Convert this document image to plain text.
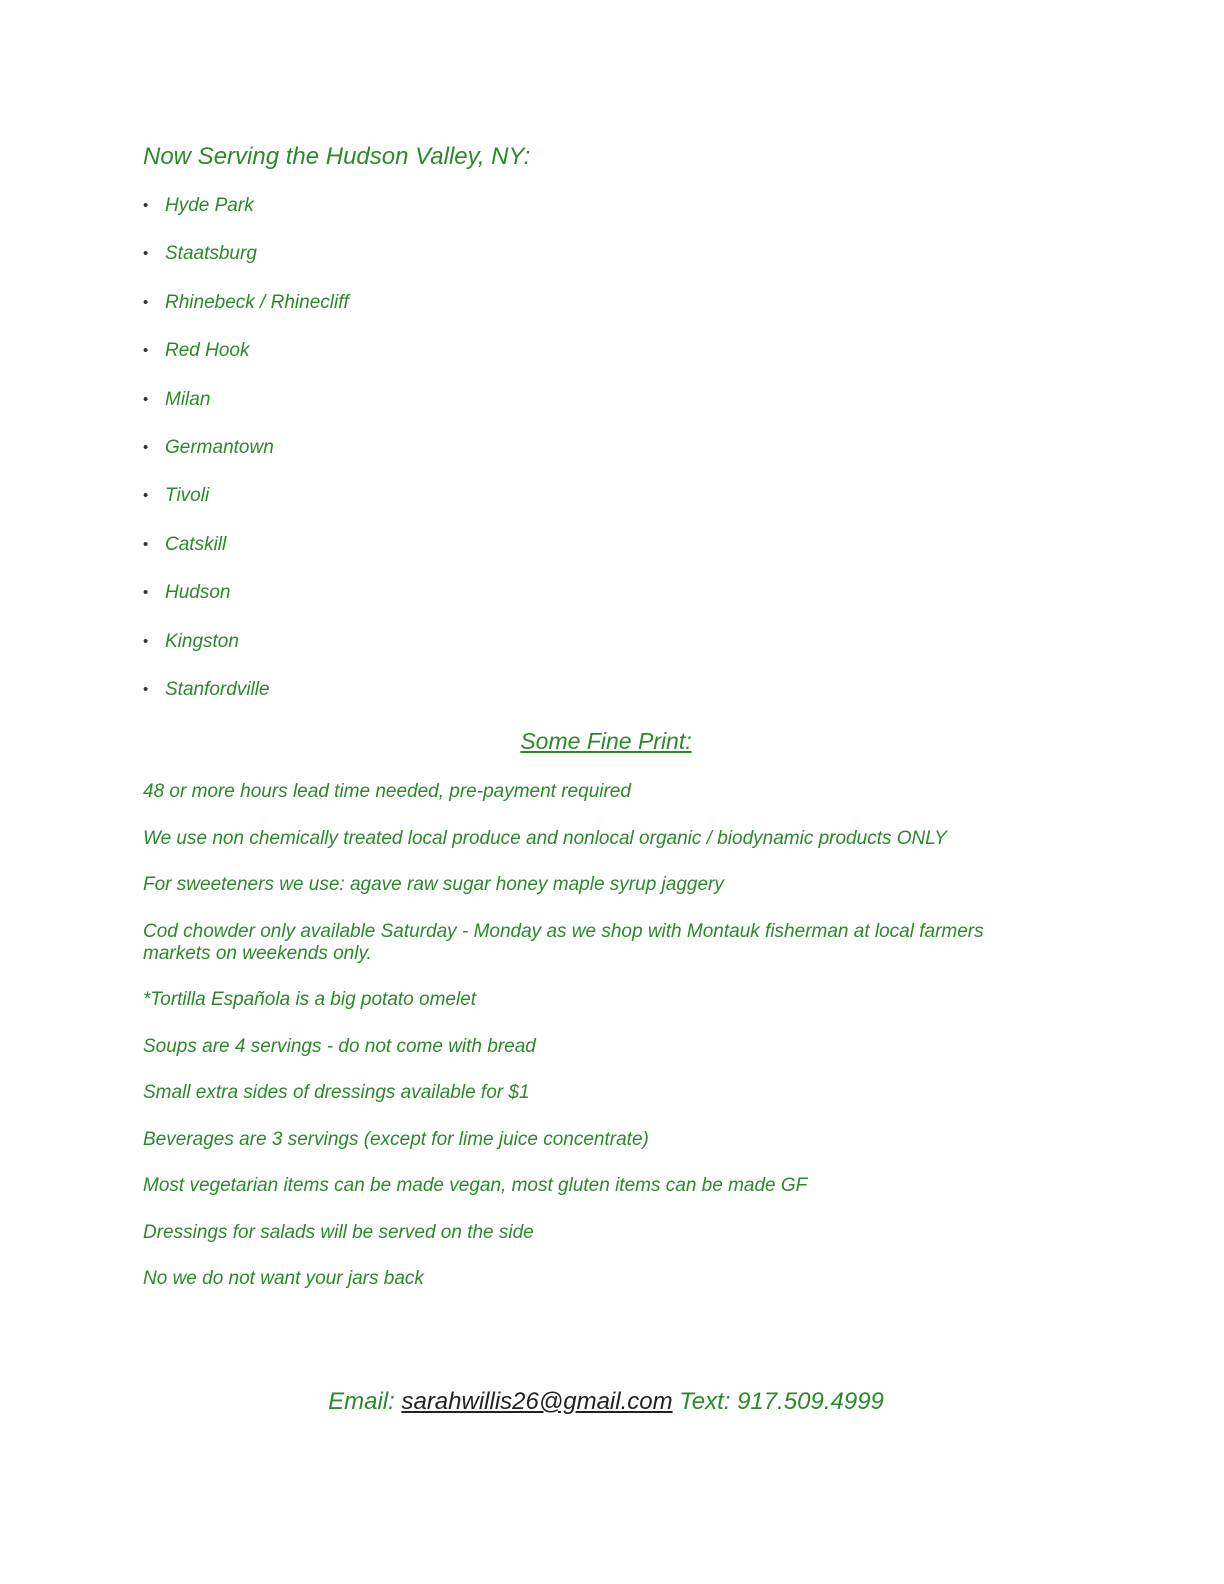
Now Serving the Hudson Valley, NY:
• Hyde Park
• Staatsburg
• Rhinebeck / Rhinecliff
• Red Hook
• Milan
• Germantown
• Tivoli
• Catskill
• Hudson
• Kingston
• Stanfordville
Some Fine Print:

48 or more hours lead time needed, pre-payment required

We use non chemically treated local produce and nonlocal organic / biodynamic products ONLY

For sweeteners we use: agave raw sugar honey maple syrup jaggery

Cod chowder only available Saturday - Monday as we shop with Montauk fisherman at local farmers markets on weekends only.

*Tortilla Española is a big potato omelet

Soups are 4 servings - do not come with bread

Small extra sides of dressings available for $1

Beverages are 3 servings (except for lime juice concentrate)

Most vegetarian items can be made vegan, most gluten items can be made GF

Dressings for salads will be served on the side

No we do not want your jars back

Email: sarahwillis26@gmail.com Text: 917.509.4999
